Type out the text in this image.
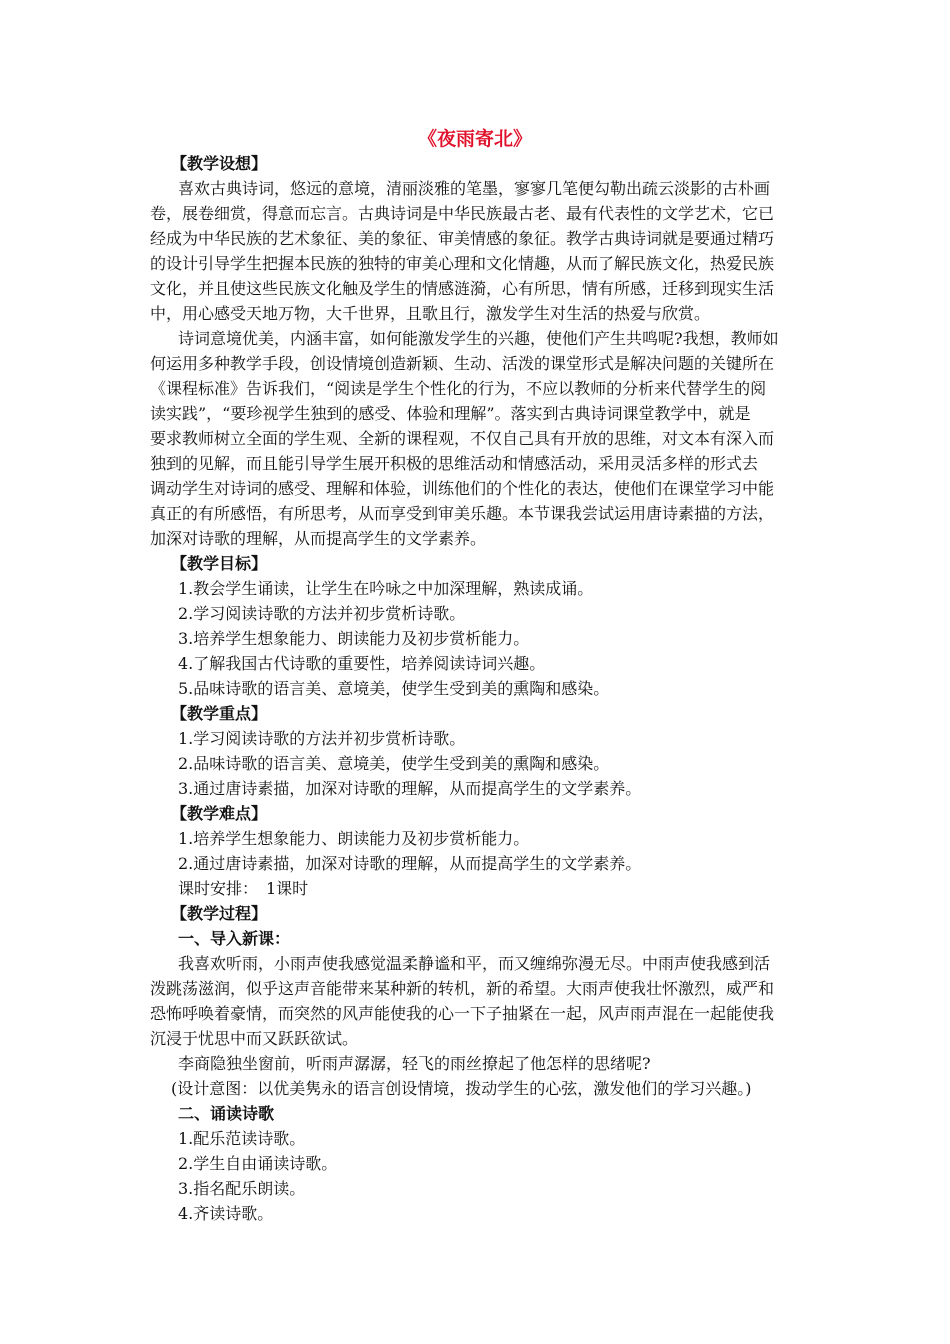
《夜雨寄北》
【教学设想】
喜欢古典诗词，悠远的意境，清丽淡雅的笔墨，寥寥几笔便勾勒出疏云淡影的古朴画
卷，展卷细赏，得意而忘言。古典诗词是中华民族最古老、最有代表性的文学艺术，它已
经成为中华民族的艺术象征、美的象征、审美情感的象征。教学古典诗词就是要通过精巧
的设计引导学生把握本民族的独特的审美心理和文化情趣，从而了解民族文化，热爱民族
文化，并且使这些民族文化触及学生的情感涟漪，心有所思，情有所感，迁移到现实生活
中，用心感受天地万物，大千世界，且歌且行，激发学生对生活的热爱与欣赏。
诗词意境优美，内涵丰富，如何能激发学生的兴趣，使他们产生共鸣呢?我想，教师如
何运用多种教学手段，创设情境创造新颖、生动、活泼的课堂形式是解决问题的关键所在
《课程标准》告诉我们，“阅读是学生个性化的行为，不应以教师的分析来代替学生的阅
读实践”，“要珍视学生独到的感受、体验和理解”。落实到古典诗词课堂教学中，就是
要求教师树立全面的学生观、全新的课程观，不仅自己具有开放的思维，对文本有深入而
独到的见解，而且能引导学生展开积极的思维活动和情感活动，采用灵活多样的形式去
调动学生对诗词的感受、理解和体验，训练他们的个性化的表达，使他们在课堂学习中能
真正的有所感悟，有所思考，从而享受到审美乐趣。本节课我尝试运用唐诗素描的方法，
加深对诗歌的理解，从而提高学生的文学素养。
【教学目标】
1.教会学生诵读，让学生在吟咏之中加深理解，熟读成诵。
2.学习阅读诗歌的方法并初步赏析诗歌。
3.培养学生想象能力、朗读能力及初步赏析能力。
4.了解我国古代诗歌的重要性，培养阅读诗词兴趣。
5.品味诗歌的语言美、意境美，使学生受到美的熏陶和感染。
【教学重点】
1.学习阅读诗歌的方法并初步赏析诗歌。
2.品味诗歌的语言美、意境美，使学生受到美的熏陶和感染。
3.通过唐诗素描，加深对诗歌的理解，从而提高学生的文学素养。
【教学难点】
1.培养学生想象能力、朗读能力及初步赏析能力。
2.通过唐诗素描，加深对诗歌的理解，从而提高学生的文学素养。
课时安排：　1课时
【教学过程】
一、导入新课：
我喜欢听雨，小雨声使我感觉温柔静谧和平，而又缠绵弥漫无尽。中雨声使我感到活
泼跳荡滋润，似乎这声音能带来某种新的转机，新的希望。大雨声使我壮怀激烈，威严和
恐怖呼唤着豪情，而突然的风声能使我的心一下子抽紧在一起，风声雨声混在一起能使我
沉浸于忧思中而又跃跃欲试。
李商隐独坐窗前，听雨声潺潺，轻飞的雨丝撩起了他怎样的思绪呢?
(设计意图：以优美隽永的语言创设情境，拨动学生的心弦，激发他们的学习兴趣。)
二、诵读诗歌
1.配乐范读诗歌。
2.学生自由诵读诗歌。
3.指名配乐朗读。
4.齐读诗歌。
